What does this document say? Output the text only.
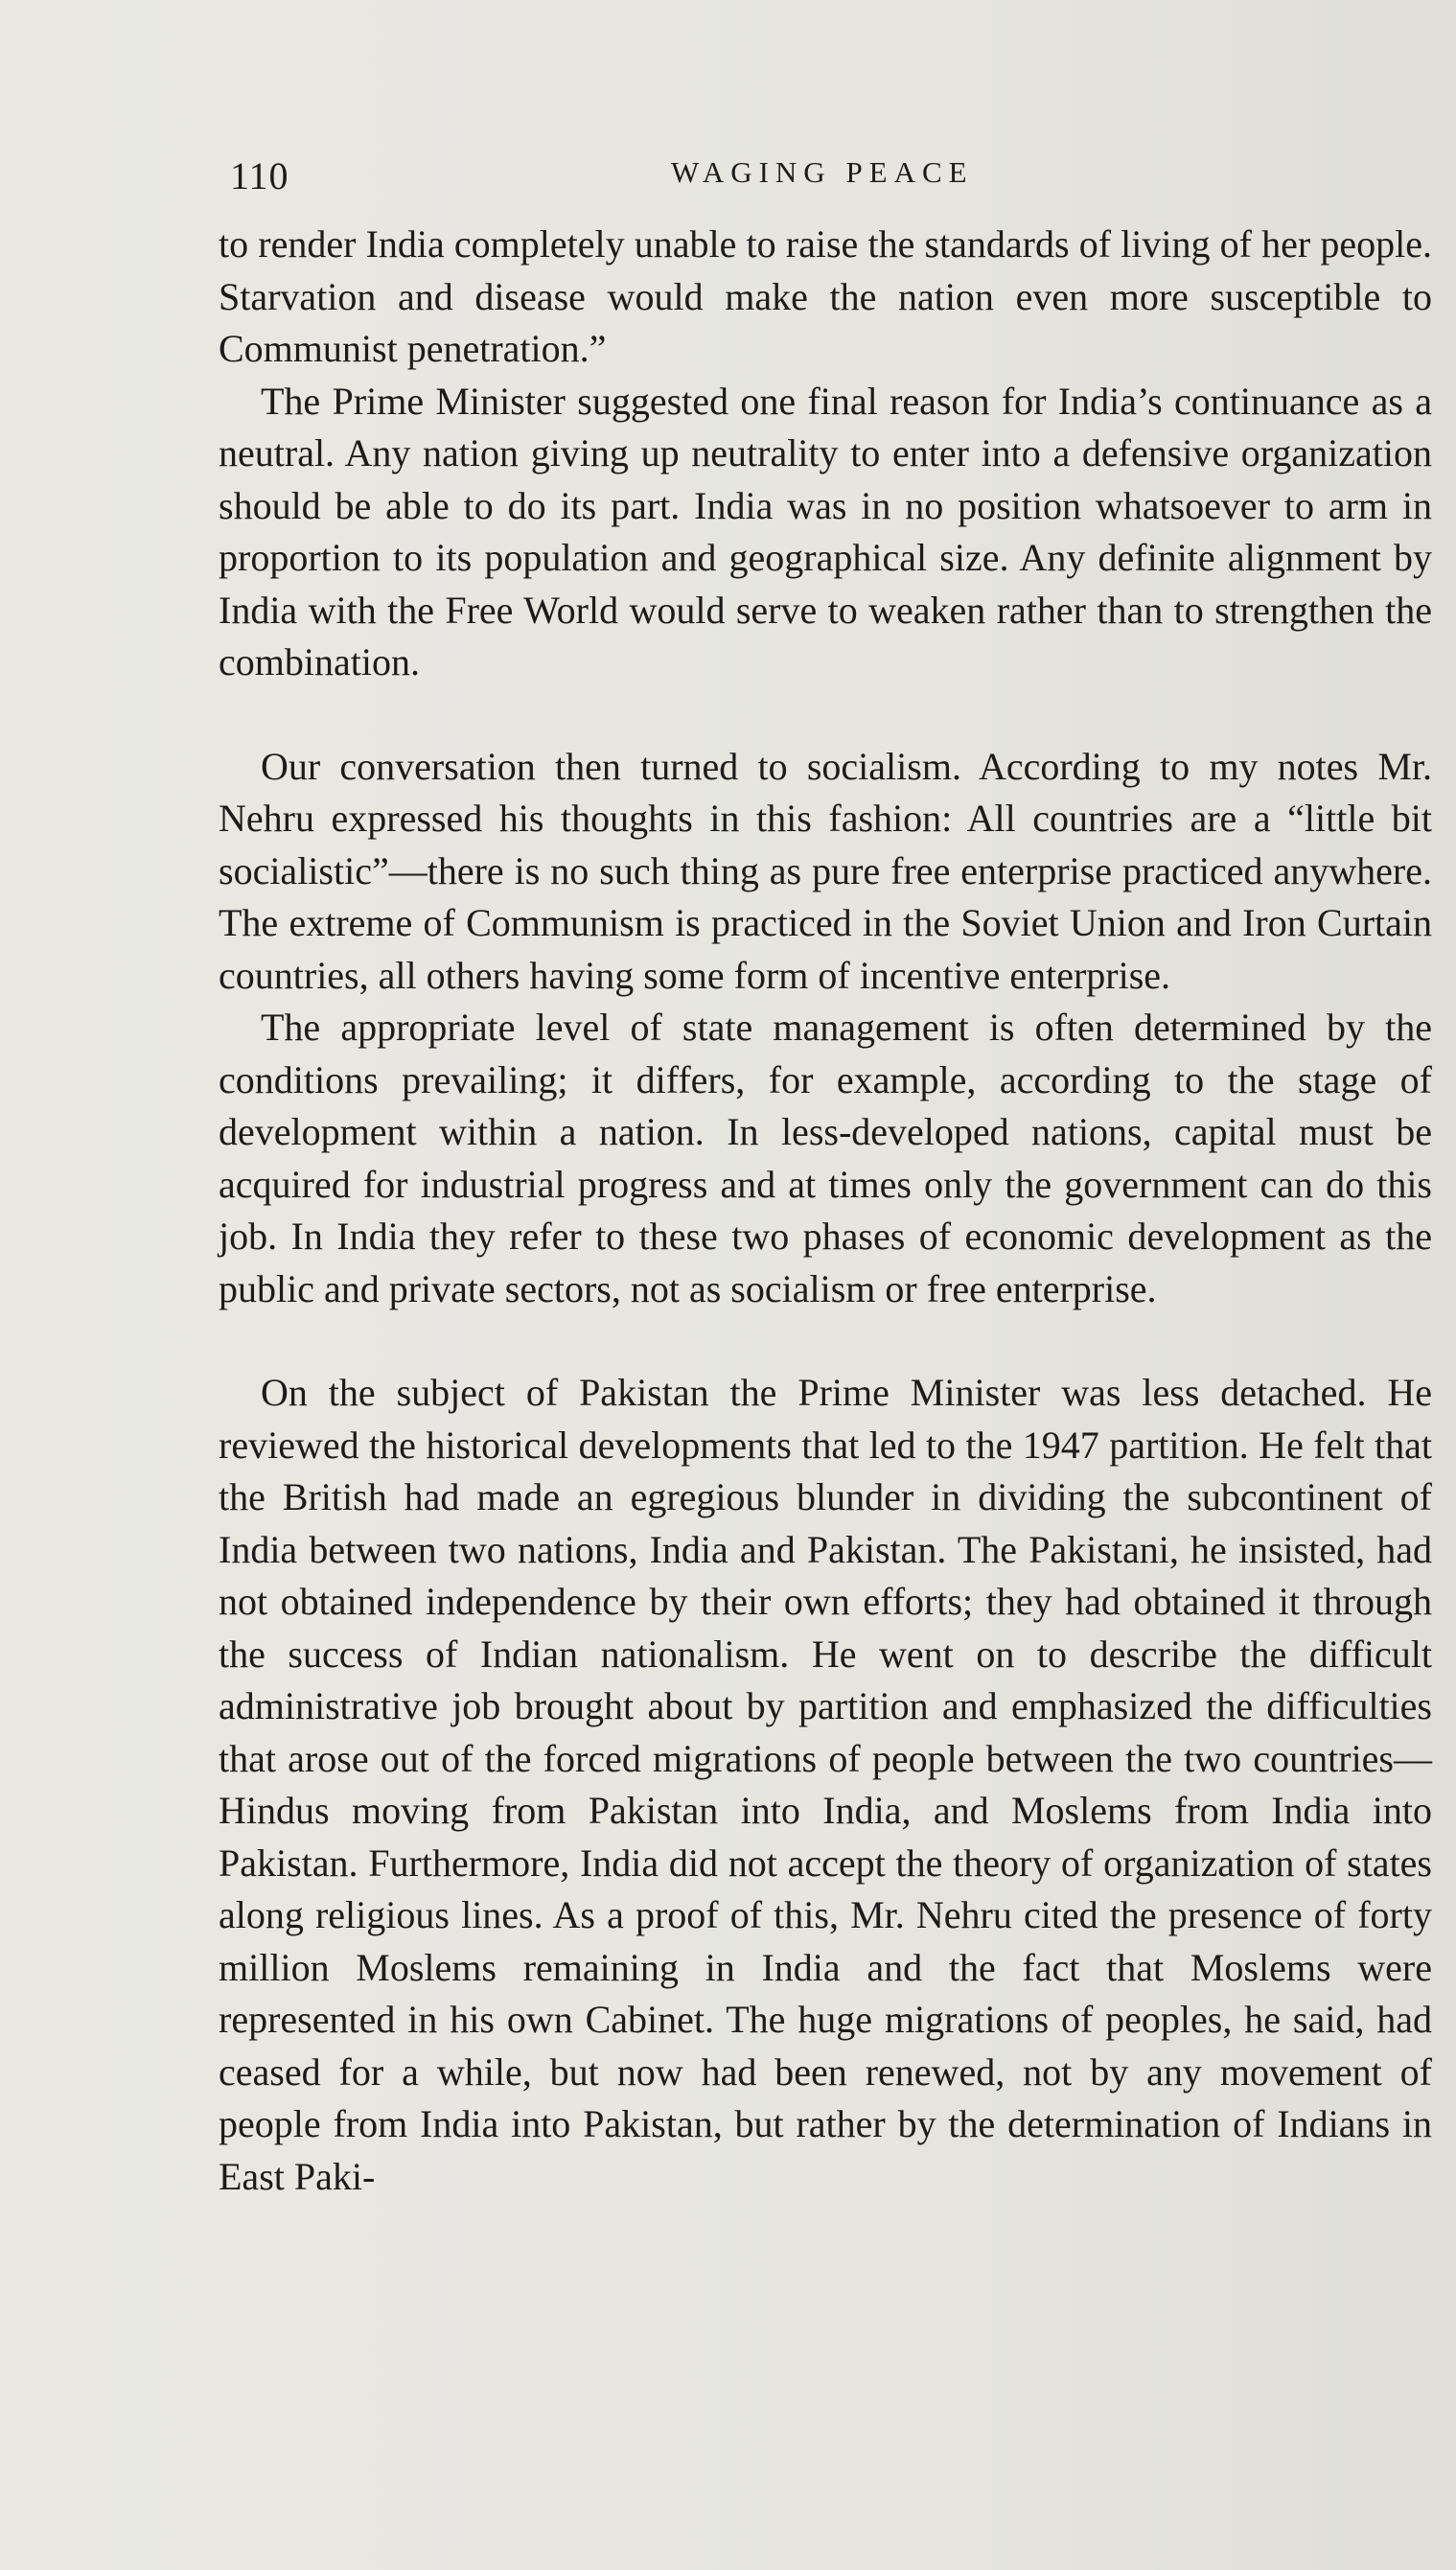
110	WAGING PEACE

to render India completely unable to raise the standards of living of her people. Starvation and disease would make the nation even more susceptible to Communist penetration.”

The Prime Minister suggested one final reason for India’s continuance as a neutral. Any nation giving up neutrality to enter into a defensive organization should be able to do its part. India was in no position whatsoever to arm in proportion to its population and geographical size. Any definite alignment by India with the Free World would serve to weaken rather than to strengthen the combination.

Our conversation then turned to socialism. According to my notes Mr. Nehru expressed his thoughts in this fashion: All countries are a “little bit socialistic”—there is no such thing as pure free enterprise practiced anywhere. The extreme of Communism is practiced in the Soviet Union and Iron Curtain countries, all others having some form of incentive enterprise.

The appropriate level of state management is often determined by the conditions prevailing; it differs, for example, according to the stage of development within a nation. In less-developed nations, capital must be acquired for industrial progress and at times only the government can do this job. In India they refer to these two phases of economic development as the public and private sectors, not as socialism or free enterprise.

On the subject of Pakistan the Prime Minister was less detached. He reviewed the historical developments that led to the 1947 partition. He felt that the British had made an egregious blunder in dividing the subcontinent of India between two nations, India and Pakistan. The Pakistani, he insisted, had not obtained independence by their own efforts; they had obtained it through the success of Indian nationalism. He went on to describe the difficult administrative job brought about by partition and emphasized the difficulties that arose out of the forced migrations of people between the two countries—Hindus moving from Pakistan into India, and Moslems from India into Pakistan. Furthermore, India did not accept the theory of organization of states along religious lines. As a proof of this, Mr. Nehru cited the presence of forty million Moslems remaining in India and the fact that Moslems were represented in his own Cabinet. The huge migrations of peoples, he said, had ceased for a while, but now had been renewed, not by any movement of people from India into Pakistan, but rather by the determination of Indians in East Paki-
